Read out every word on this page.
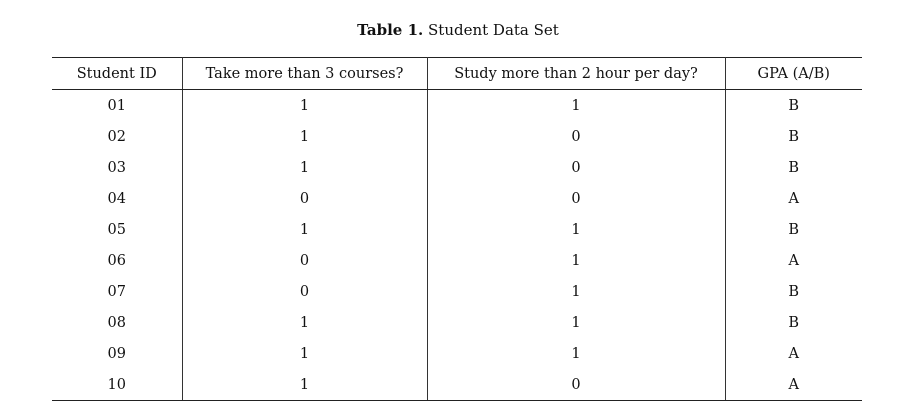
Table 1. Student Data Set
Student ID	Take more than 3 courses?	Study more than 2 hour per day?	GPA (A/B)
01	1	1	B
02	1	0	B
03	1	0	B
04	0	0	A
05	1	1	B
06	0	1	A
07	0	1	B
08	1	1	B
09	1	1	A
10	1	0	A
